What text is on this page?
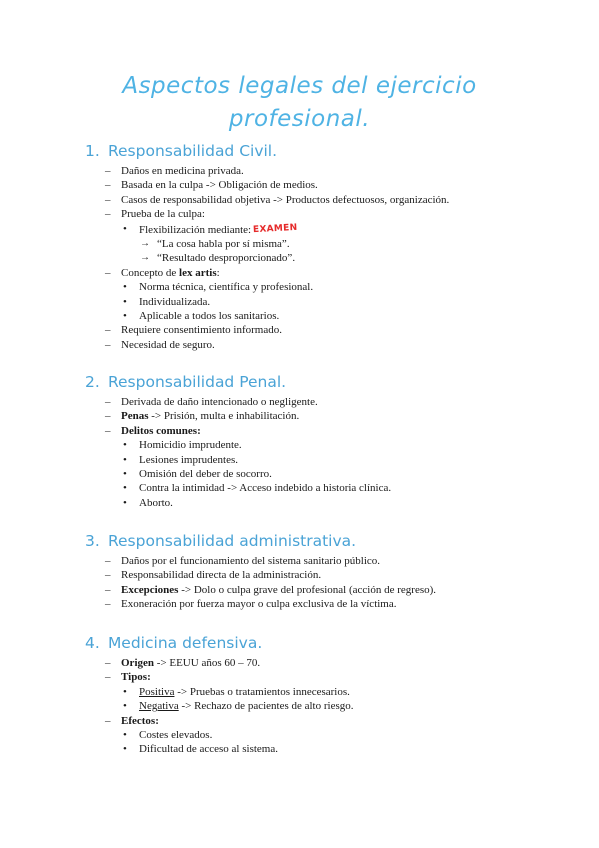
Aspectos legales del ejercicio
profesional.
1. Responsabilidad Civil.
– Daños en medicina privada.
– Basada en la culpa -> Obligación de medios.
– Casos de responsabilidad objetiva -> Productos defectuosos, organización.
– Prueba de la culpa:
• Flexibilización mediante: EXAMEN
→ “La cosa habla por sí misma”.
→ “Resultado desproporcionado”.
– Concepto de lex artis:
• Norma técnica, científica y profesional.
• Individualizada.
• Aplicable a todos los sanitarios.
– Requiere consentimiento informado.
– Necesidad de seguro.
2. Responsabilidad Penal.
– Derivada de daño intencionado o negligente.
– Penas -> Prisión, multa e inhabilitación.
– Delitos comunes:
• Homicidio imprudente.
• Lesiones imprudentes.
• Omisión del deber de socorro.
• Contra la intimidad -> Acceso indebido a historia clínica.
• Aborto.
3. Responsabilidad administrativa.
– Daños por el funcionamiento del sistema sanitario público.
– Responsabilidad directa de la administración.
– Excepciones -> Dolo o culpa grave del profesional (acción de regreso).
– Exoneración por fuerza mayor o culpa exclusiva de la víctima.
4. Medicina defensiva.
– Origen -> EEUU años 60 – 70.
– Tipos:
• Positiva -> Pruebas o tratamientos innecesarios.
• Negativa -> Rechazo de pacientes de alto riesgo.
– Efectos:
• Costes elevados.
• Dificultad de acceso al sistema.
